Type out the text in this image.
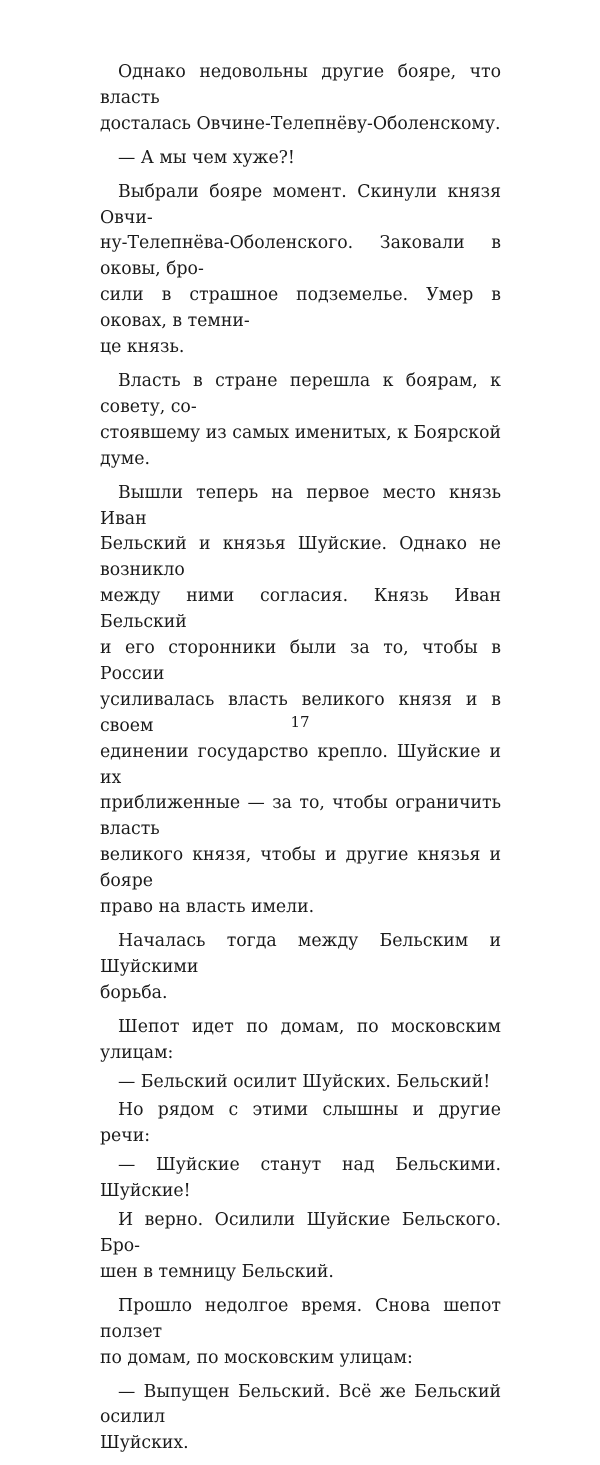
Однако недовольны другие бояре, что власть
досталась Овчине-Телепнёву-Оболенскому.

— А мы чем хуже?!

Выбрали бояре момент. Скинули князя Овчи-
ну-Телепнёва-Оболенского. Заковали в оковы, бро-
сили в страшное подземелье. Умер в оковах, в темни-
це князь.

Власть в стране перешла к боярам, к совету, со-
стоявшему из самых именитых, к Боярской думе.

Вышли теперь на первое место князь Иван
Бельский и князья Шуйские. Однако не возникло
между ними согласия. Князь Иван Бельский
и его сторонники были за то, чтобы в России
усиливалась власть великого князя и в своем
единении государство крепло. Шуйские и их
приближенные — за то, чтобы ограничить власть
великого князя, чтобы и другие князья и бояре
право на власть имели.

Началась тогда между Бельским и Шуйскими
борьба.

Шепот идет по домам, по московским улицам:

— Бельский осилит Шуйских. Бельский!

Но рядом с этими слышны и другие речи:

— Шуйские станут над Бельскими. Шуйские!

И верно. Осилили Шуйские Бельского. Бро-
шен в темницу Бельский.

Прошло недолгое время. Снова шепот ползет
по домам, по московским улицам:

— Выпущен Бельский. Всё же Бельский осилил
Шуйских.

17
